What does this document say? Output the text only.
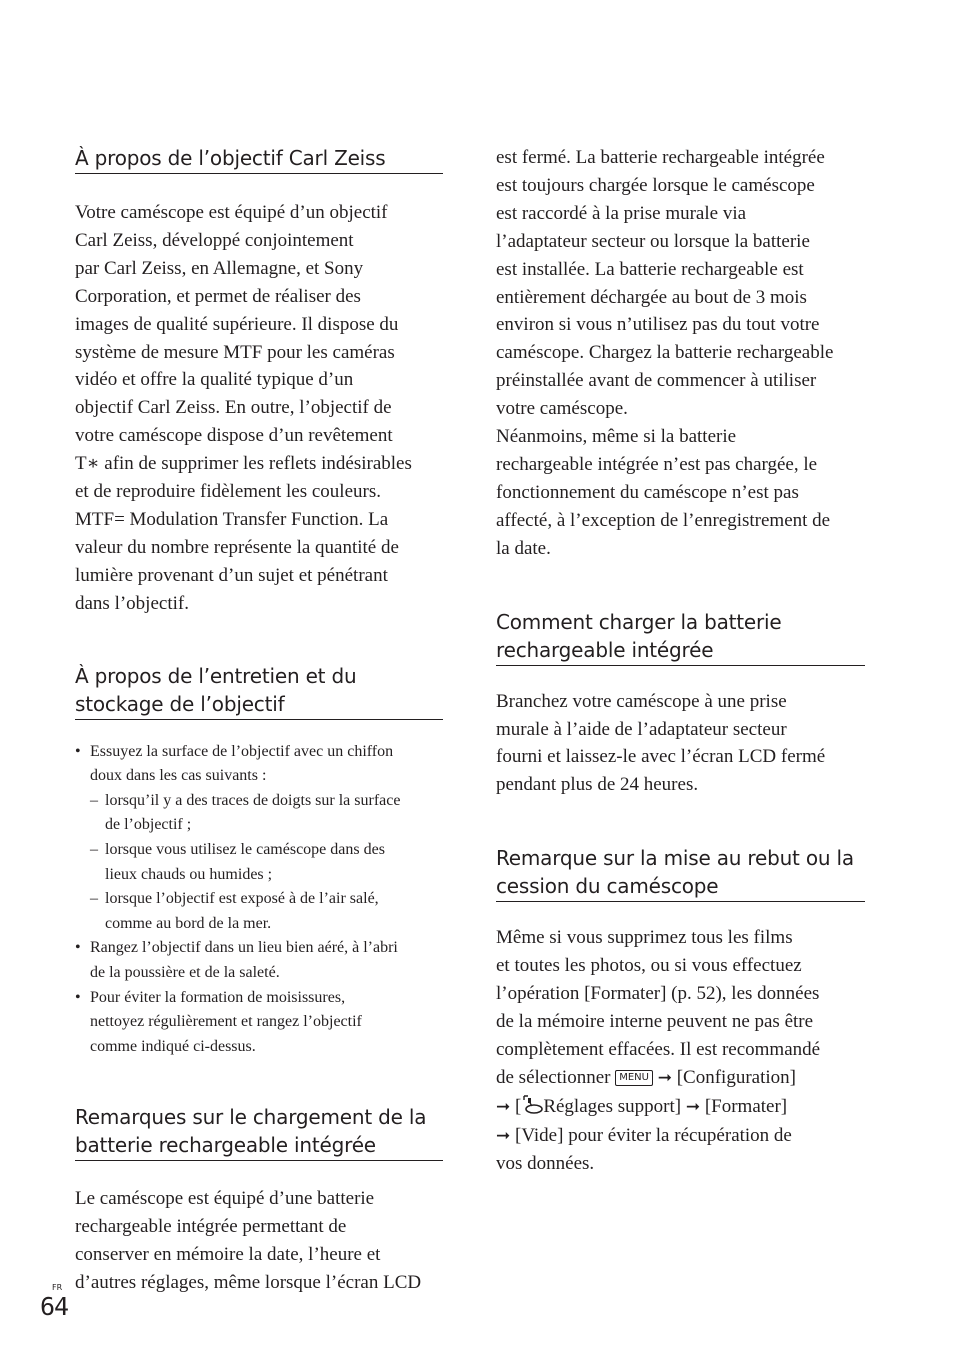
À propos de l’objectif Carl Zeiss

Votre caméscope est équipé d’un objectif
Carl Zeiss, développé conjointement
par Carl Zeiss, en Allemagne, et Sony
Corporation, et permet de réaliser des
images de qualité supérieure. Il dispose du
système de mesure MTF pour les caméras
vidéo et offre la qualité typique d’un
objectif Carl Zeiss. En outre, l’objectif de
votre caméscope dispose d’un revêtement
T∗ afin de supprimer les reflets indésirables
et de reproduire fidèlement les couleurs.
MTF= Modulation Transfer Function. La
valeur du nombre représente la quantité de
lumière provenant d’un sujet et pénétrant
dans l’objectif.

À propos de l’entretien et du
stockage de l’objectif
• Essuyez la surface de l’objectif avec un chiffon
doux dans les cas suivants :
– lorsqu’il y a des traces de doigts sur la surface
de l’objectif ;
– lorsque vous utilisez le caméscope dans des
lieux chauds ou humides ;
– lorsque l’objectif est exposé à de l’air salé,
comme au bord de la mer.
• Rangez l’objectif dans un lieu bien aéré, à l’abri
de la poussière et de la saleté.
• Pour éviter la formation de moisissures,
nettoyez régulièrement et rangez l’objectif
comme indiqué ci-dessus.
Remarques sur le chargement de la
batterie rechargeable intégrée

Le caméscope est équipé d’une batterie
rechargeable intégrée permettant de
conserver en mémoire la date, l’heure et
d’autres réglages, même lorsque l’écran LCD

est fermé. La batterie rechargeable intégrée
est toujours chargée lorsque le caméscope
est raccordé à la prise murale via
l’adaptateur secteur ou lorsque la batterie
est installée. La batterie rechargeable est
entièrement déchargée au bout de 3 mois
environ si vous n’utilisez pas du tout votre
caméscope. Chargez la batterie rechargeable
préinstallée avant de commencer à utiliser
votre caméscope.
Néanmoins, même si la batterie
rechargeable intégrée n’est pas chargée, le
fonctionnement du caméscope n’est pas
affecté, à l’exception de l’enregistrement de
la date.

Comment charger la batterie
rechargeable intégrée

Branchez votre caméscope à une prise
murale à l’aide de l’adaptateur secteur
fourni et laissez-le avec l’écran LCD fermé
pendant plus de 24 heures.

Remarque sur la mise au rebut ou la
cession du caméscope

Même si vous supprimez tous les films
et toutes les photos, ou si vous effectuez
l’opération [Formater] (p. 52), les données
de la mémoire interne peuvent ne pas être
complètement effacées. Il est recommandé
de sélectionner MENU ➞ [Configuration]
➞ [ Réglages support] ➞ [Formater]
➞ [Vide] pour éviter la récupération de
vos données.

FR
64
